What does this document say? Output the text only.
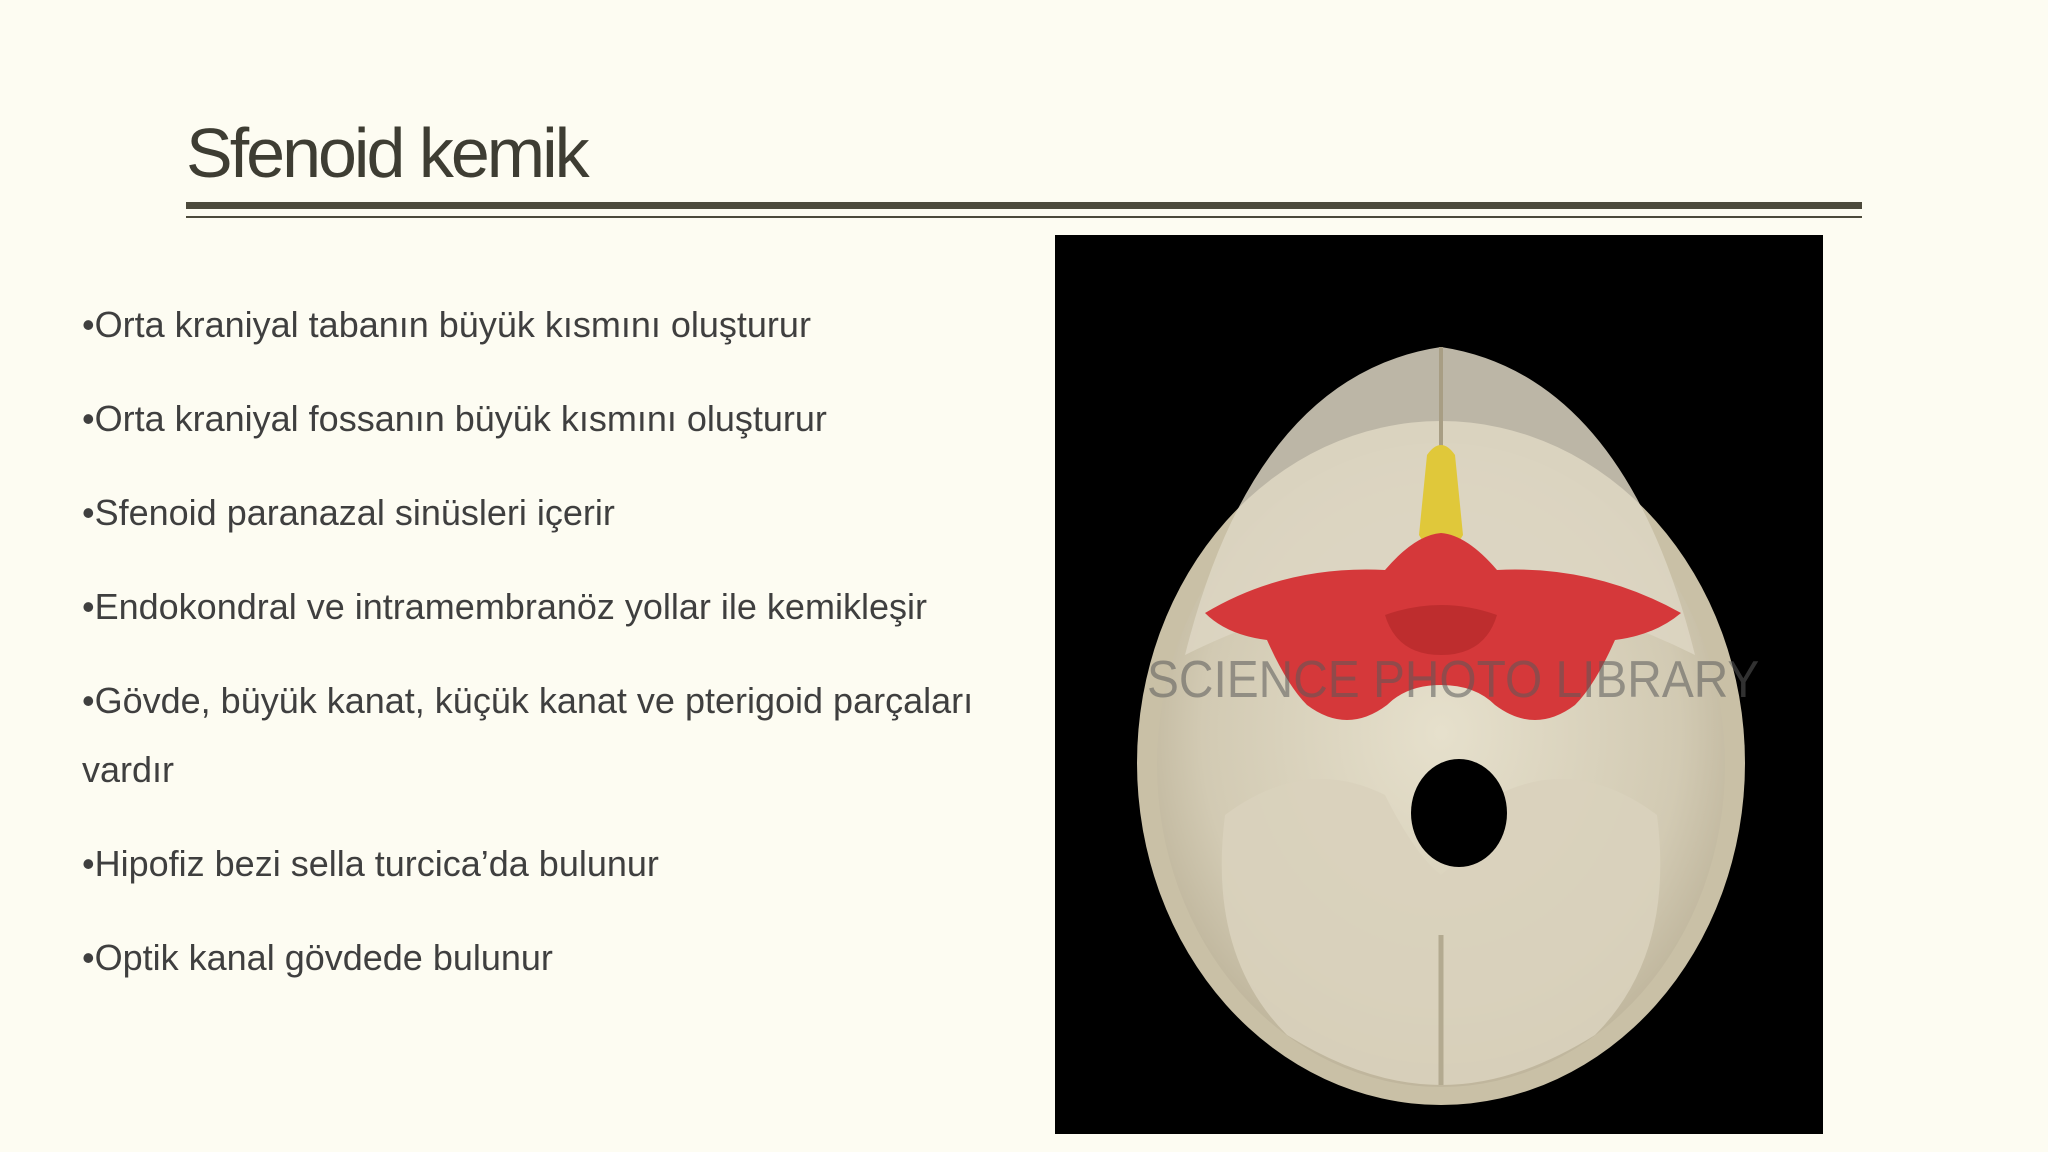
Sfenoid kemik
•Orta kraniyal tabanın büyük kısmını oluşturur
•Orta kraniyal fossanın büyük kısmını oluşturur
•Sfenoid paranazal sinüsleri içerir
•Endokondral ve intramembranöz yollar ile kemikleşir
•Gövde, büyük kanat, küçük kanat ve pterigoid parçaları vardır
•Hipofiz bezi sella turcica’da bulunur
•Optik kanal gövdede bulunur
SCIENCE PHOTO LIBRARY
